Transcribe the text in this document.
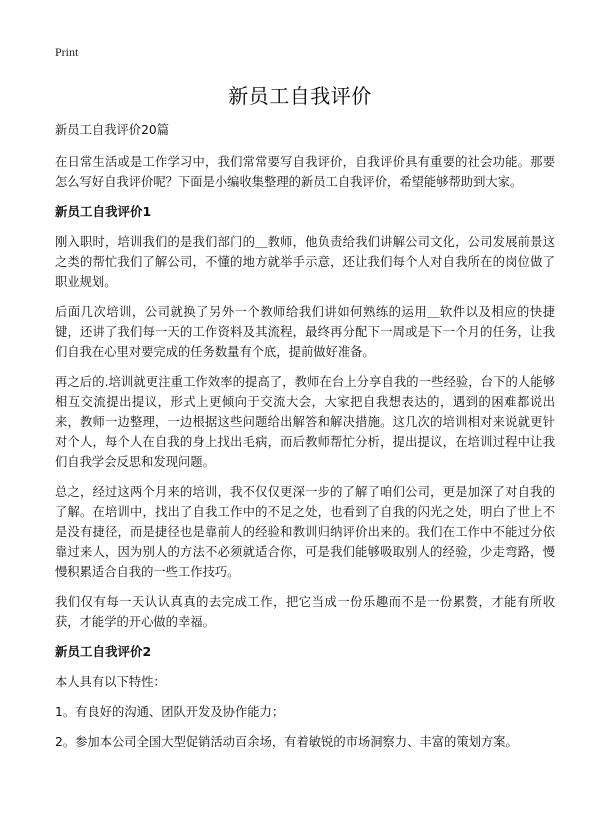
Print
新员工自我评价

新员工自我评价20篇

在日常生活或是工作学习中，我们常常要写自我评价，自我评价具有重要的社会功能。那要怎么写好自我评价呢？下面是小编收集整理的新员工自我评价，希望能够帮助到大家。

新员工自我评价1

刚入职时，培训我们的是我们部门的＿教师，他负责给我们讲解公司文化，公司发展前景这之类的帮忙我们了解公司，不懂的地方就举手示意，还让我们每个人对自我所在的岗位做了职业规划。

后面几次培训，公司就换了另外一个教师给我们讲如何熟练的运用＿软件以及相应的快捷键，还讲了我们每一天的工作资料及其流程，最终再分配下一周或是下一个月的任务，让我们自我在心里对要完成的任务数量有个底，提前做好准备。

再之后的.培训就更注重工作效率的提高了，教师在台上分享自我的一些经验，台下的人能够相互交流提出提议，形式上更倾向于交流大会，大家把自我想表达的，遇到的困难都说出来，教师一边整理，一边根据这些问题给出解答和解决措施。这几次的培训相对来说就更针对个人，每个人在自我的身上找出毛病，而后教师帮忙分析，提出提议，在培训过程中让我们自我学会反思和发现问题。

总之，经过这两个月来的培训，我不仅仅更深一步的了解了咱们公司，更是加深了对自我的了解。在培训中，找出了自我工作中的不足之处，也看到了自我的闪光之处，明白了世上不是没有捷径，而是捷径也是靠前人的经验和教训归纳评价出来的。我们在工作中不能过分依靠过来人，因为别人的方法不必须就适合你，可是我们能够吸取别人的经验，少走弯路，慢慢积累适合自我的一些工作技巧。

我们仅有每一天认认真真的去完成工作，把它当成一份乐趣而不是一份累赘，才能有所收获，才能学的开心做的幸福。

新员工自我评价2

本人具有以下特性：

1。有良好的沟通、团队开发及协作能力；

2。参加本公司全国大型促销活动百余场，有着敏锐的市场洞察力、丰富的策划方案。
